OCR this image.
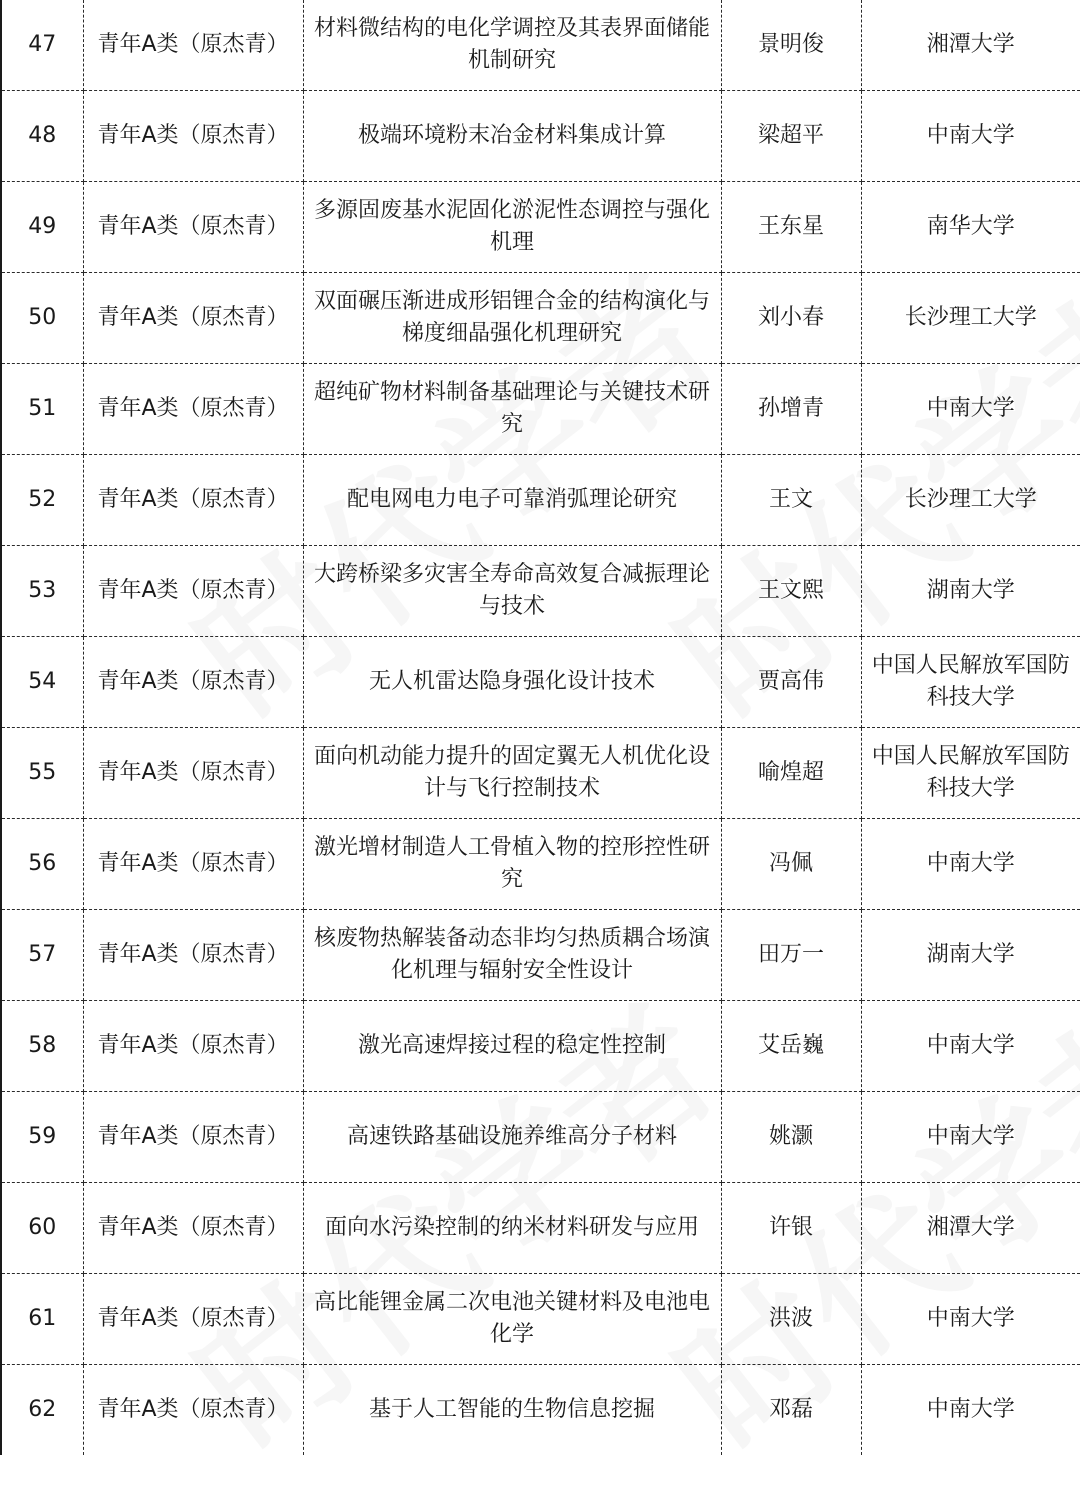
47	青年A类（原杰青）	材料微结构的电化学调控及其表界面储能机制研究	景明俊	湘潭大学
48	青年A类（原杰青）	极端环境粉末冶金材料集成计算	梁超平	中南大学
49	青年A类（原杰青）	多源固废基水泥固化淤泥性态调控与强化机理	王东星	南华大学
50	青年A类（原杰青）	双面碾压渐进成形铝锂合金的结构演化与梯度细晶强化机理研究	刘小春	长沙理工大学
51	青年A类（原杰青）	超纯矿物材料制备基础理论与关键技术研究	孙增青	中南大学
52	青年A类（原杰青）	配电网电力电子可靠消弧理论研究	王文	长沙理工大学
53	青年A类（原杰青）	大跨桥梁多灾害全寿命高效复合减振理论与技术	王文熙	湖南大学
54	青年A类（原杰青）	无人机雷达隐身强化设计技术	贾高伟	中国人民解放军国防科技大学
55	青年A类（原杰青）	面向机动能力提升的固定翼无人机优化设计与飞行控制技术	喻煌超	中国人民解放军国防科技大学
56	青年A类（原杰青）	激光增材制造人工骨植入物的控形控性研究	冯佩	中南大学
57	青年A类（原杰青）	核废物热解装备动态非均匀热质耦合场演化机理与辐射安全性设计	田万一	湖南大学
58	青年A类（原杰青）	激光高速焊接过程的稳定性控制	艾岳巍	中南大学
59	青年A类（原杰青）	高速铁路基础设施养维高分子材料	姚灏	中南大学
60	青年A类（原杰青）	面向水污染控制的纳米材料研发与应用	许银	湘潭大学
61	青年A类（原杰青）	高比能锂金属二次电池关键材料及电池电化学	洪波	中南大学
62	青年A类（原杰青）	基于人工智能的生物信息挖掘	邓磊	中南大学
